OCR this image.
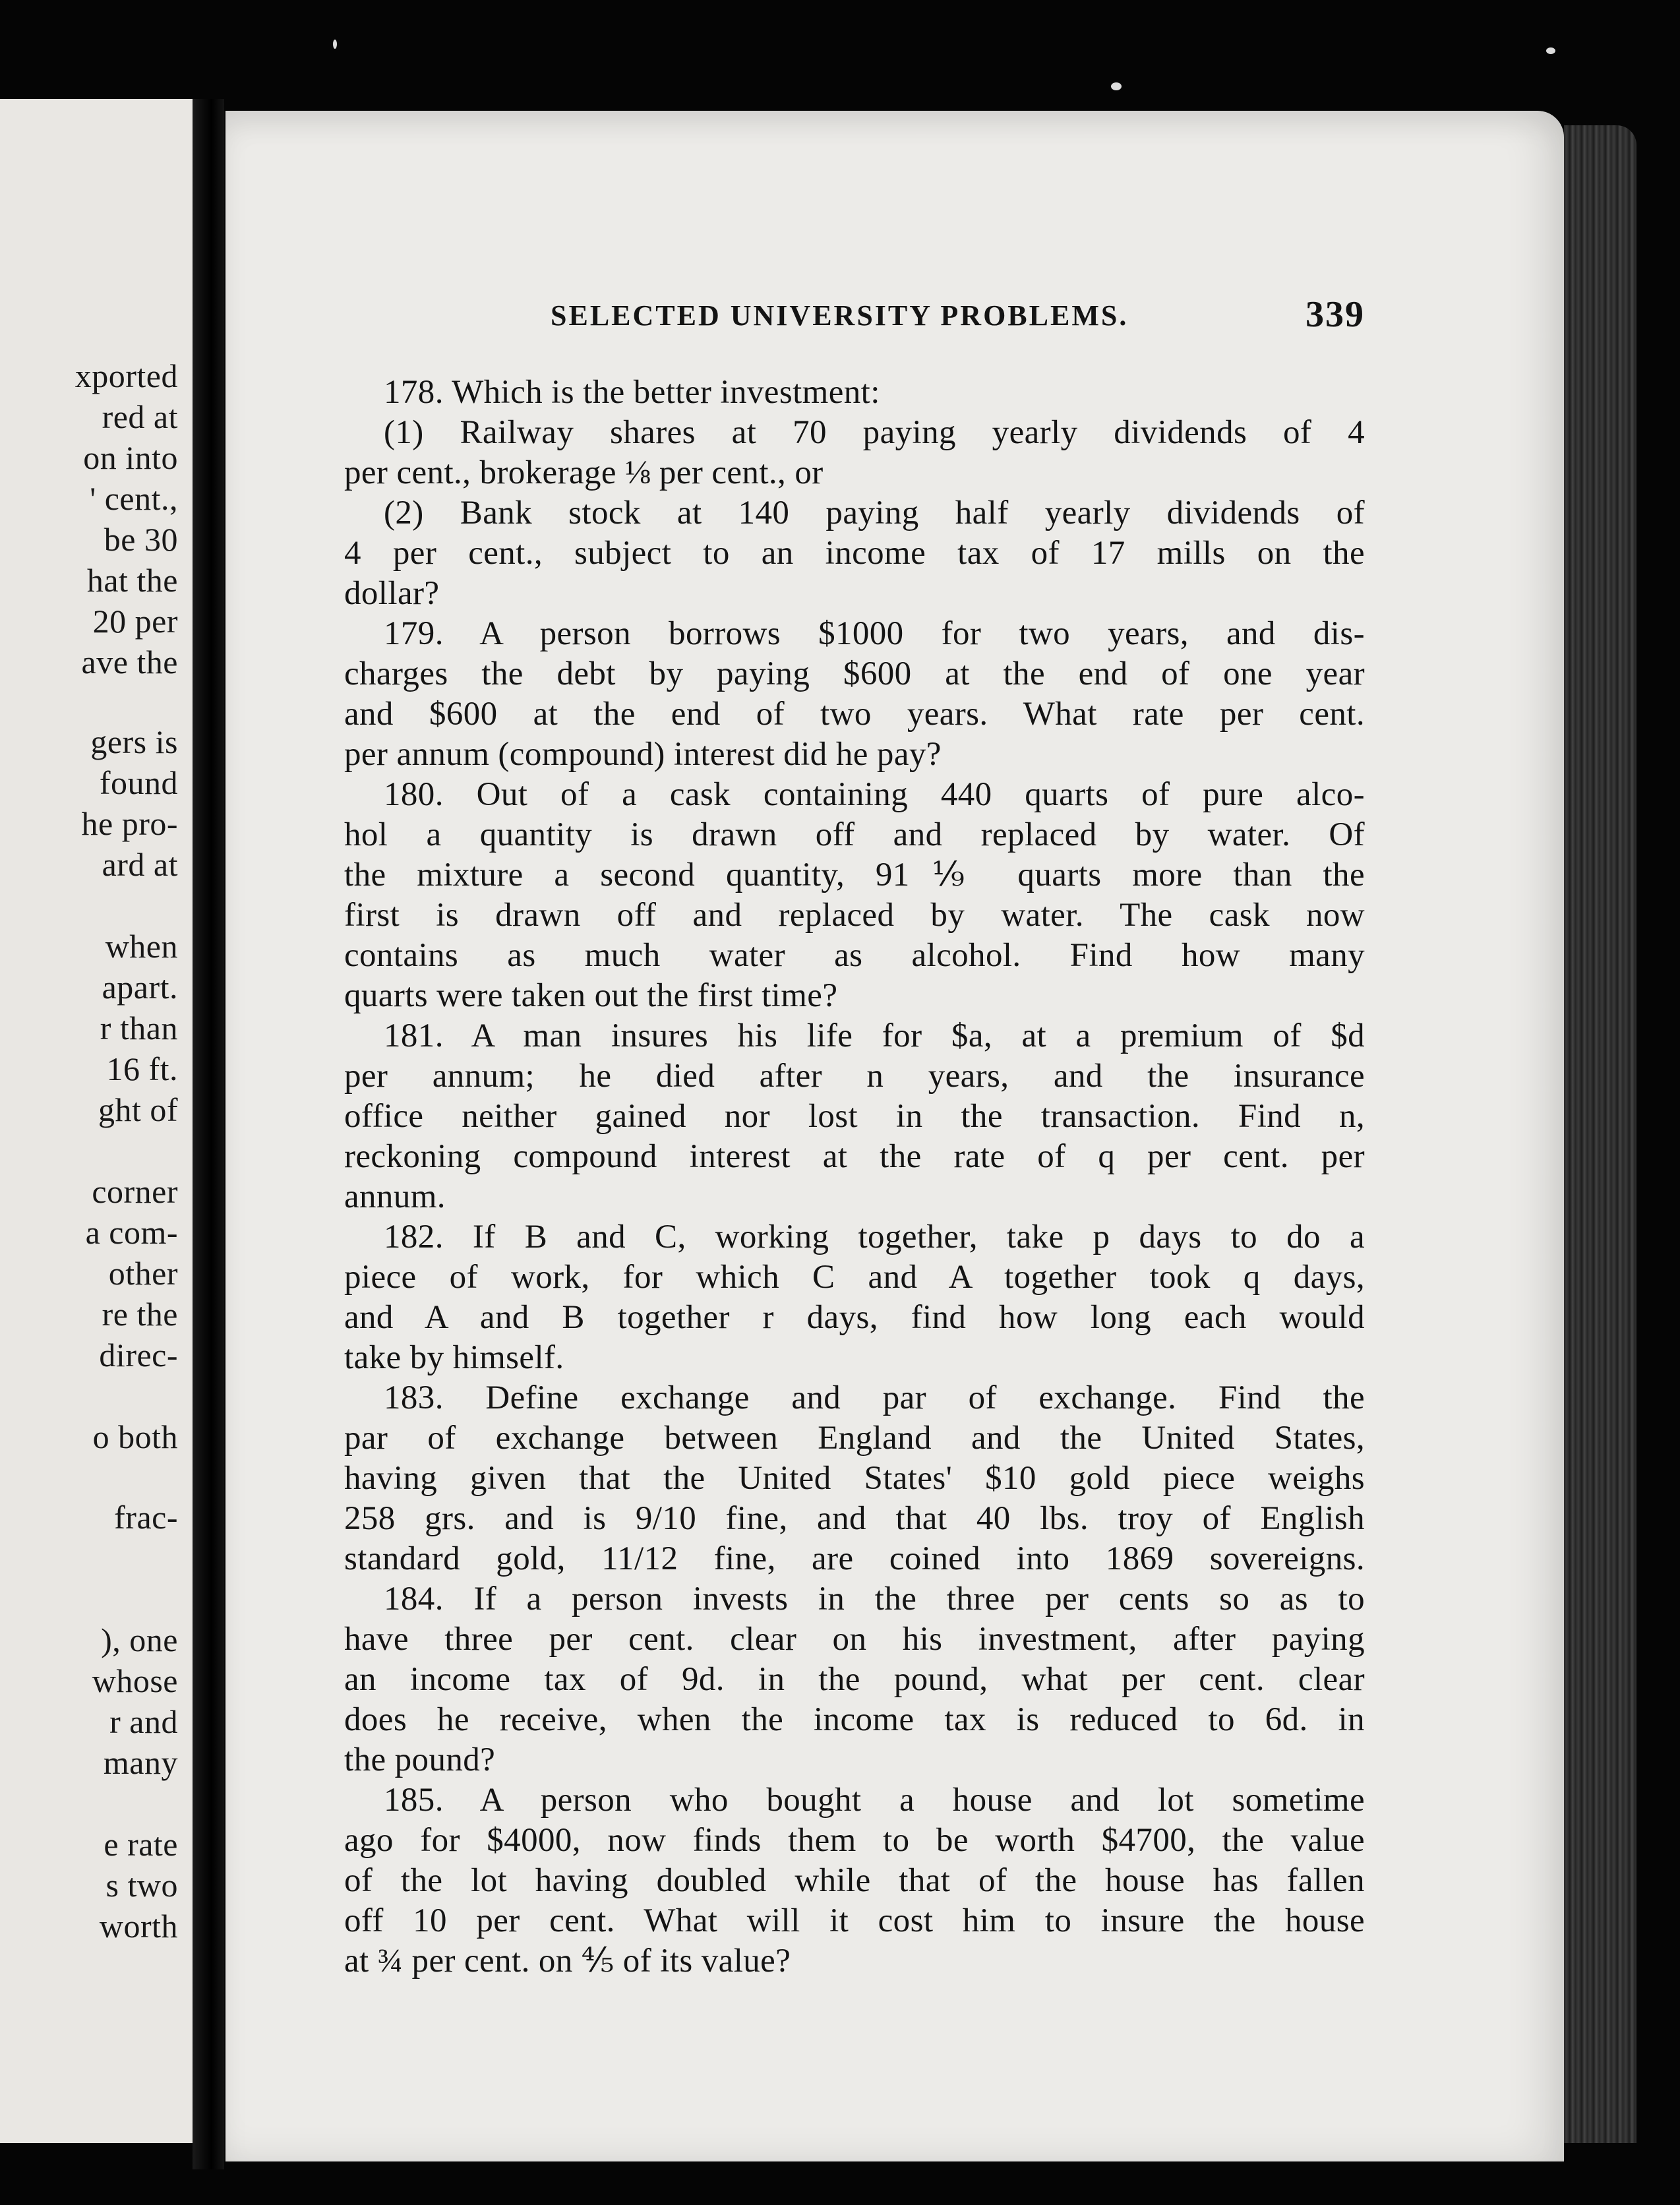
xported
red at
on into
' cent.,
be 30
hat the
20 per
ave the
gers is
found
he pro-
ard at
when
apart.
r than
16 ft.
ght of
corner
a com-
other
re the
direc-
o both
frac-
), one
whose
r and
many
e rate
s two
worth
SELECTED UNIVERSITY PROBLEMS.	339
178. Which is the better investment:
(1) Railway shares at 70 paying yearly dividends of 4
per cent., brokerage ⅛ per cent., or
(2) Bank stock at 140 paying half yearly dividends of
4 per cent., subject to an income tax of 17 mills on the
dollar?
179. A person borrows $1000 for two years, and dis-
charges the debt by paying $600 at the end of one year
and $600 at the end of two years. What rate per cent.
per annum (compound) interest did he pay?
180. Out of a cask containing 440 quarts of pure alco-
hol a quantity is drawn off and replaced by water. Of
the mixture a second quantity, 91⅑ quarts more than the
first is drawn off and replaced by water. The cask now
contains as much water as alcohol. Find how many
quarts were taken out the first time?
181. A man insures his life for $a, at a premium of $d
per annum; he died after n years, and the insurance
office neither gained nor lost in the transaction. Find n,
reckoning compound interest at the rate of q per cent. per
annum.
182. If B and C, working together, take p days to do a
piece of work, for which C and A together took q days,
and A and B together r days, find how long each would
take by himself.
183. Define exchange and par of exchange. Find the
par of exchange between England and the United States,
having given that the United States' $10 gold piece weighs
258 grs. and is 9/10 fine, and that 40 lbs. troy of English
standard gold, 11/12 fine, are coined into 1869 sovereigns.
184. If a person invests in the three per cents so as to
have three per cent. clear on his investment, after paying
an income tax of 9d. in the pound, what per cent. clear
does he receive, when the income tax is reduced to 6d. in
the pound?
185. A person who bought a house and lot sometime
ago for $4000, now finds them to be worth $4700, the value
of the lot having doubled while that of the house has fallen
off 10 per cent. What will it cost him to insure the house
at ¾ per cent. on ⅘ of its value?
